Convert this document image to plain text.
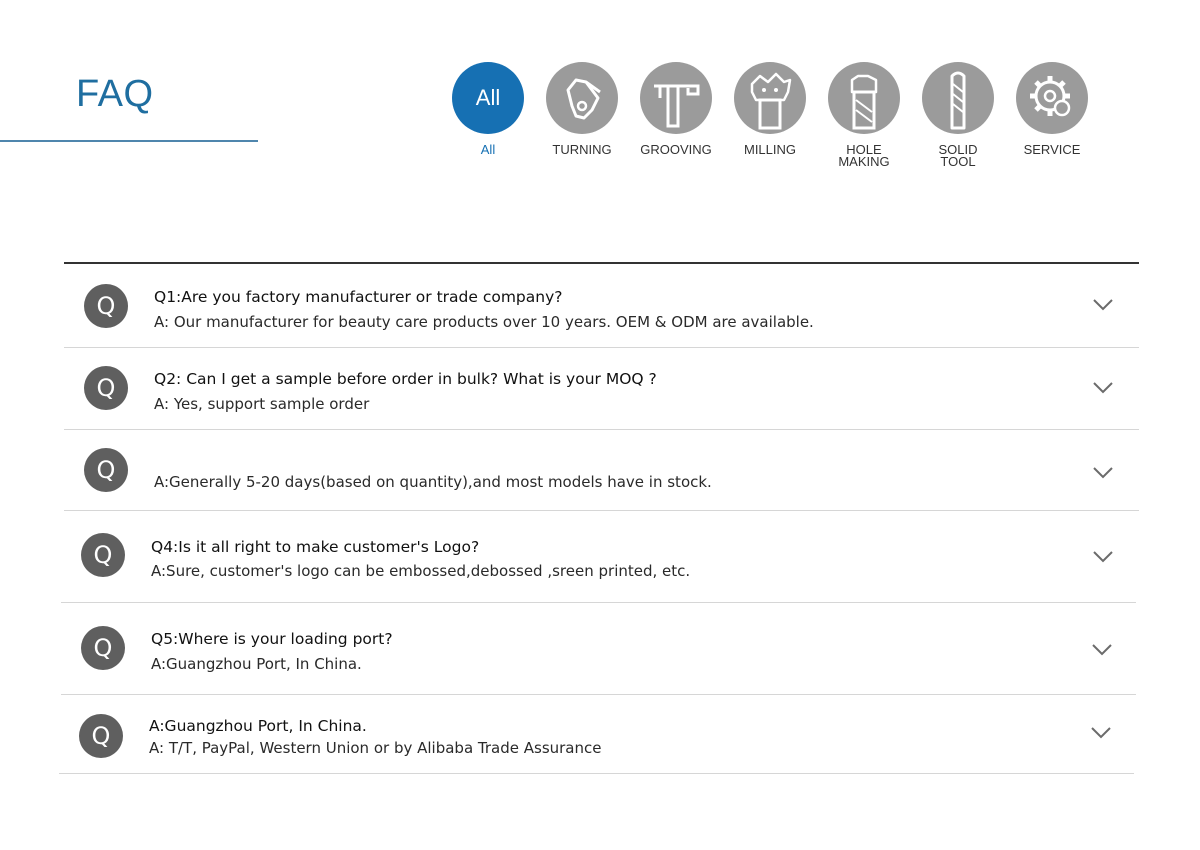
FAQ	All
All	TURNING	GROOVING	MILLING	HOLE
MAKING
SOLID
TOOL
SERVICE
Q	Q1:Are you factory manufacturer or trade company?
A: Our manufacturer for beauty care products over 10 years. OEM & ODM are available.
Q	Q2: Can I get a sample before order in bulk? What is your MOQ ?
A: Yes, support sample order
Q	A:Generally 5-20 days(based on quantity),and most models have in stock.
Q	Q4:Is it all right to make customer's Logo?
A:Sure, customer's logo can be embossed,debossed ,sreen printed, etc.
Q	Q5:Where is your loading port?
A:Guangzhou Port, In China.
Q	A:Guangzhou Port, In China.
A: T/T, PayPal, Western Union or by Alibaba Trade Assurance
